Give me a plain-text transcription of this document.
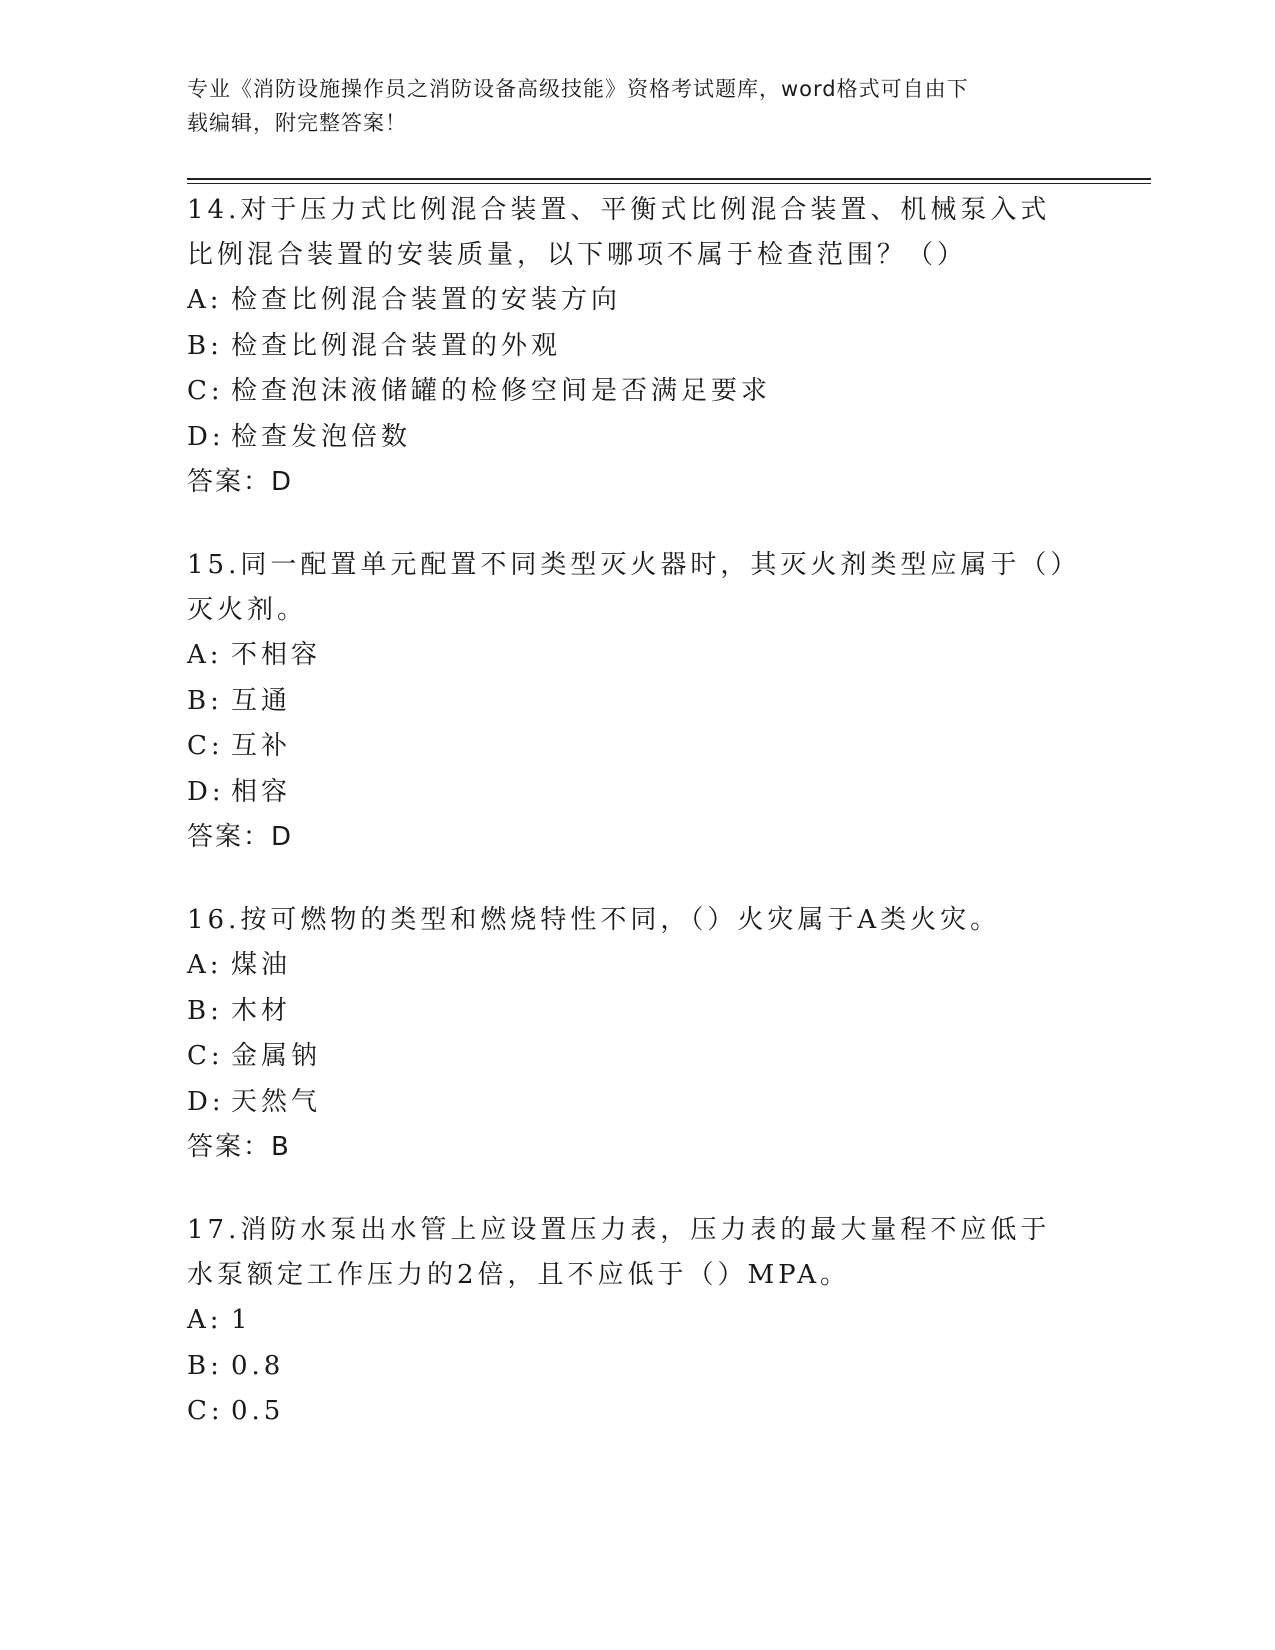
专业《消防设施操作员之消防设备高级技能》资格考试题库，word格式可自由下
载编辑，附完整答案！
14.对于压力式比例混合装置、平衡式比例混合装置、机械泵入式比例混合装置的安装质量，以下哪项不属于检查范围？（）
A: 检查比例混合装置的安装方向
B: 检查比例混合装置的外观
C: 检查泡沫液储罐的检修空间是否满足要求
D: 检查发泡倍数
答案：D
15.同一配置单元配置不同类型灭火器时，其灭火剂类型应属于（）灭火剂。
A: 不相容
B: 互通
C: 互补
D: 相容
答案：D
16.按可燃物的类型和燃烧特性不同，（）火灾属于A类火灾。
A: 煤油
B: 木材
C: 金属钠
D: 天然气
答案：B
17.消防水泵出水管上应设置压力表，压力表的最大量程不应低于水泵额定工作压力的2倍，且不应低于（）MPA。
A: 1
B: 0.8
C: 0.5
